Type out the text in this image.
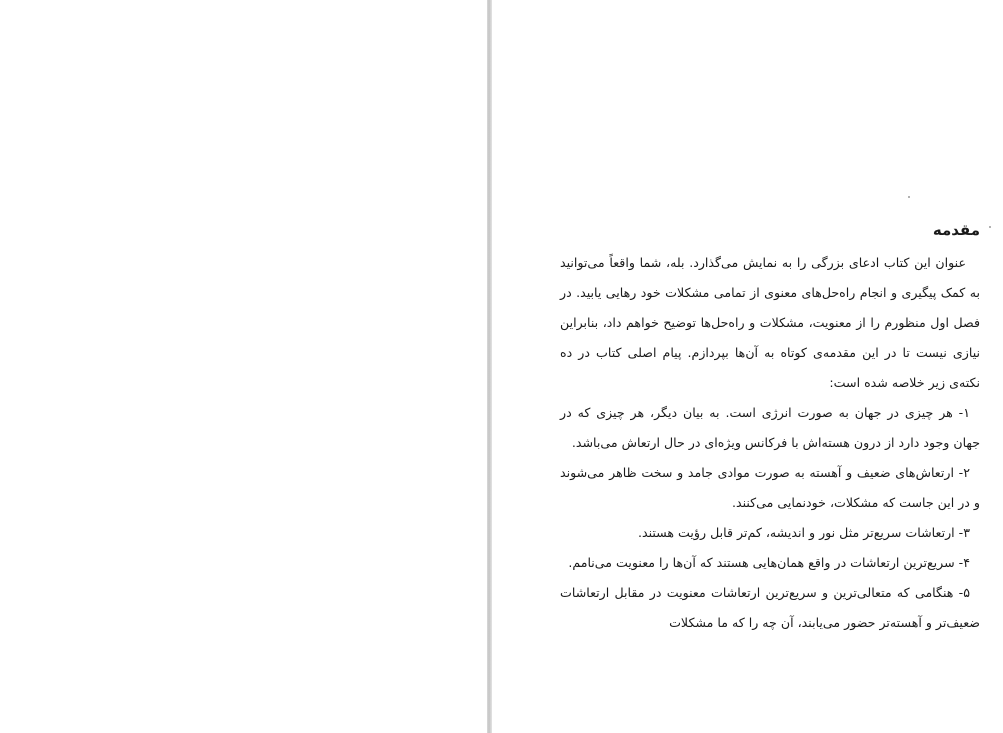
مقدمه

عنوان این کتاب ادعای بزرگی را به نمایش می‌گذارد. بله، شما واقعاً می‌توانید به کمک پیگیری و انجام راه‌حل‌های معنوی از تمامی مشکلات خود رهایی یابید. در فصل اول منظورم را از معنویت، مشکلات و راه‌حل‌ها توضیح خواهم داد، بنابراین نیازی نیست تا در این مقدمه‌ی کوتاه به آن‌ها بپردازم. پیام اصلی کتاب در ده نکته‌ی زیر خلاصه شده است:

۱- هر چیزی در جهان به صورت انرژی است. به بیان دیگر، هر چیزی که در جهان وجود دارد از درون هسته‌اش با فرکانس ویژه‌ای در حال ارتعاش می‌باشد.

۲- ارتعاش‌های ضعیف و آهسته به صورت موادی جامد و سخت ظاهر می‌شوند و در این جاست که مشکلات، خودنمایی می‌کنند.

۳- ارتعاشات سریع‌تر مثل نور و اندیشه، کم‌تر قابل رؤیت هستند.

۴- سریع‌ترین ارتعاشات در واقع همان‌هایی هستند که آن‌ها را معنویت می‌نامم.

۵- هنگامی که متعالی‌ترین و سریع‌ترین ارتعاشات معنویت در مقابل ارتعاشات ضعیف‌تر و آهسته‌تر حضور می‌یابند، آن چه را که ما مشکلات
